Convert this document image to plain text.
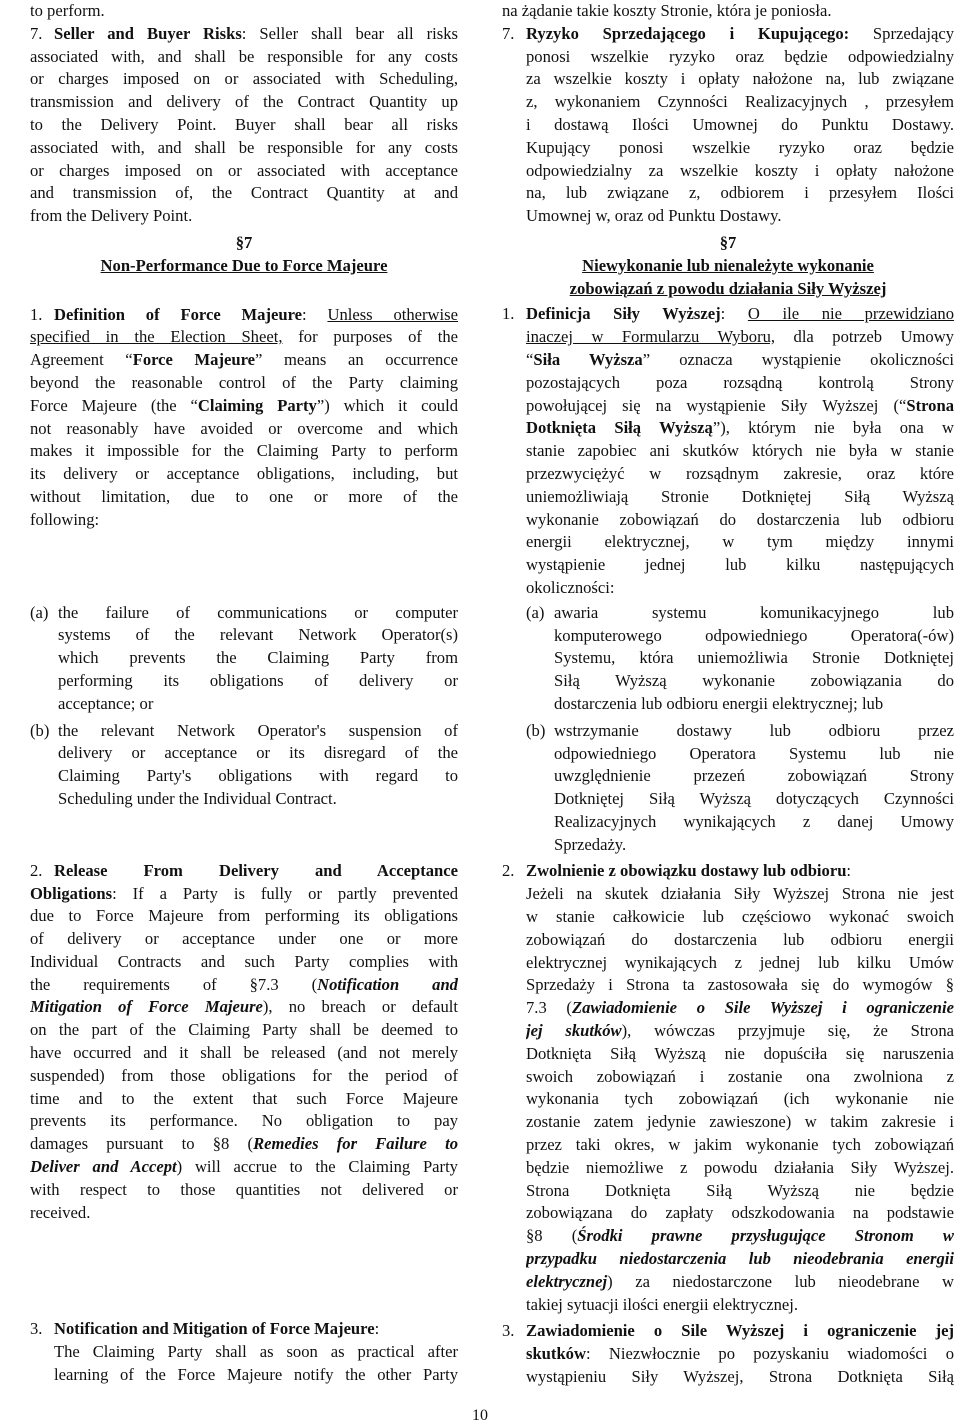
to perform.
7. Seller and Buyer Risks: Seller shall bear all risks
associated with, and shall be responsible for any costs
or charges imposed on or associated with Scheduling,
transmission and delivery of the Contract Quantity up
to the Delivery Point. Buyer shall bear all risks
associated with, and shall be responsible for any costs
or charges imposed on or associated with acceptance
and transmission of, the Contract Quantity at and
from the Delivery Point.
§7
Non-Performance Due to Force Majeure
1. Definition of Force Majeure: Unless otherwise
specified in the Election Sheet, for purposes of the
Agreement “Force Majeure” means an occurrence
beyond the reasonable control of the Party claiming
Force Majeure (the “Claiming Party”) which it could
not reasonably have avoided or overcome and which
makes it impossible for the Claiming Party to perform
its delivery or acceptance obligations, including, but
without limitation, due to one or more of the
following:
(a) the failure of communications or computer
systems of the relevant Network Operator(s)
which prevents the Claiming Party from
performing its obligations of delivery or
acceptance; or
(b) the relevant Network Operator's suspension of
delivery or acceptance or its disregard of the
Claiming Party's obligations with regard to
Scheduling under the Individual Contract.
2. Release From Delivery and Acceptance
Obligations: If a Party is fully or partly prevented
due to Force Majeure from performing its obligations
of delivery or acceptance under one or more
Individual Contracts and such Party complies with
the requirements of §7.3 (Notification and
Mitigation of Force Majeure), no breach or default
on the part of the Claiming Party shall be deemed to
have occurred and it shall be released (and not merely
suspended) from those obligations for the period of
time and to the extent that such Force Majeure
prevents its performance. No obligation to pay
damages pursuant to §8 (Remedies for Failure to
Deliver and Accept) will accrue to the Claiming Party
with respect to those quantities not delivered or
received.
3. Notification and Mitigation of Force Majeure:
The Claiming Party shall as soon as practical after
learning of the Force Majeure notify the other Party
na żądanie takie koszty Stronie, która je poniosła.
7. Ryzyko Sprzedającego i Kupującego: Sprzedający
ponosi wszelkie ryzyko oraz będzie odpowiedzialny
za wszelkie koszty i opłaty nałożone na, lub związane
z, wykonaniem Czynności Realizacyjnych , przesyłem
i dostawą Ilości Umownej do Punktu Dostawy.
Kupujący ponosi wszelkie ryzyko oraz będzie
odpowiedzialny za wszelkie koszty i opłaty nałożone
na, lub związane z, odbiorem i przesyłem Ilości
Umownej w, oraz od Punktu Dostawy.
§7
Niewykonanie lub nienależyte wykonanie
zobowiązań z powodu działania Siły Wyższej
1. Definicja Siły Wyższej: O ile nie przewidziano
inaczej w Formularzu Wyboru, dla potrzeb Umowy
“Siła Wyższa” oznacza wystąpienie okoliczności
pozostających poza rozsądną kontrolą Strony
powołującej się na wystąpienie Siły Wyższej (“Strona
Dotknięta Siłą Wyższą”), którym nie była ona w
stanie zapobiec ani skutków których nie była w stanie
przezwyciężyć w rozsądnym zakresie, oraz które
uniemożliwiają Stronie Dotkniętej Siłą Wyższą
wykonanie zobowiązań do dostarczenia lub odbioru
energii elektrycznej, w tym między innymi
wystąpienie jednej lub kilku następujących
okoliczności:
(a) awaria systemu komunikacyjnego lub
komputerowego odpowiedniego Operatora(-ów)
Systemu, która uniemożliwia Stronie Dotkniętej
Siłą Wyższą wykonanie zobowiązania do
dostarczenia lub odbioru energii elektrycznej; lub
(b) wstrzymanie dostawy lub odbioru przez
odpowiedniego Operatora Systemu lub nie
uwzględnienie przezeń zobowiązań Strony
Dotkniętej Siłą Wyższą dotyczących Czynności
Realizacyjnych wynikających z danej Umowy
Sprzedaży.
2. Zwolnienie z obowiązku dostawy lub odbioru:
Jeżeli na skutek działania Siły Wyższej Strona nie jest
w stanie całkowicie lub częściowo wykonać swoich
zobowiązań do dostarczenia lub odbioru energii
elektrycznej wynikających z jednej lub kilku Umów
Sprzedaży i Strona ta zastosowała się do wymogów §
7.3 (Zawiadomienie o Sile Wyższej i ograniczenie
jej skutków), wówczas przyjmuje się, że Strona
Dotknięta Siłą Wyższą nie dopuściła się naruszenia
swoich zobowiązań i zostanie ona zwolniona z
wykonania tych zobowiązań (ich wykonanie nie
zostanie zatem jedynie zawieszone) w takim zakresie i
przez taki okres, w jakim wykonanie tych zobowiązań
będzie niemożliwe z powodu działania Siły Wyższej.
Strona Dotknięta Siłą Wyższą nie będzie
zobowiązana do zapłaty odszkodowania na podstawie
§8 (Środki prawne przysługujące Stronom w
przypadku niedostarczenia lub nieodebrania energii
elektrycznej) za niedostarczone lub nieodebrane w
takiej sytuacji ilości energii elektrycznej.
3. Zawiadomienie o Sile Wyższej i ograniczenie jej
skutków: Niezwłocznie po pozyskaniu wiadomości o
wystąpieniu Siły Wyższej, Strona Dotknięta Siłą
10
